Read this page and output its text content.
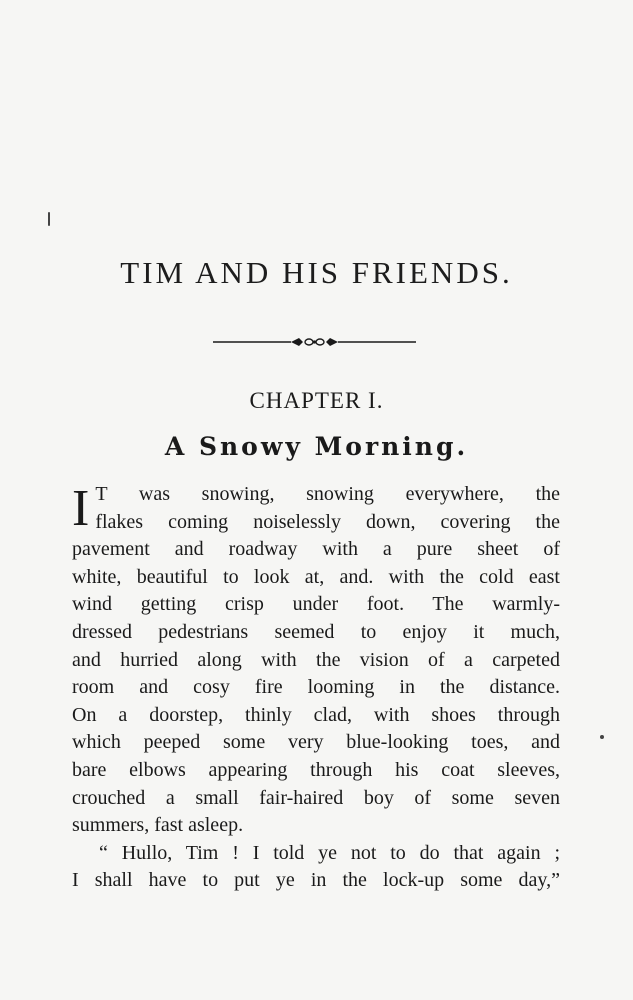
TIM AND HIS FRIENDS.
CHAPTER I.
A Snowy Morning.
I T was snowing, snowing everywhere, the
flakes coming noiselessly down, covering the
pavement and roadway with a pure sheet of
white, beautiful to look at, and. with the cold east
wind getting crisp under foot. The warmly-
dressed pedestrians seemed to enjoy it much,
and hurried along with the vision of a carpeted
room and cosy fire looming in the distance.
On a doorstep, thinly clad, with shoes through
which peeped some very blue-looking toes, and
bare elbows appearing through his coat sleeves,
crouched a small fair-haired boy of some seven
summers, fast asleep.
“ Hullo, Tim ! I told ye not to do that again ;
I shall have to put ye in the lock-up some day,”
